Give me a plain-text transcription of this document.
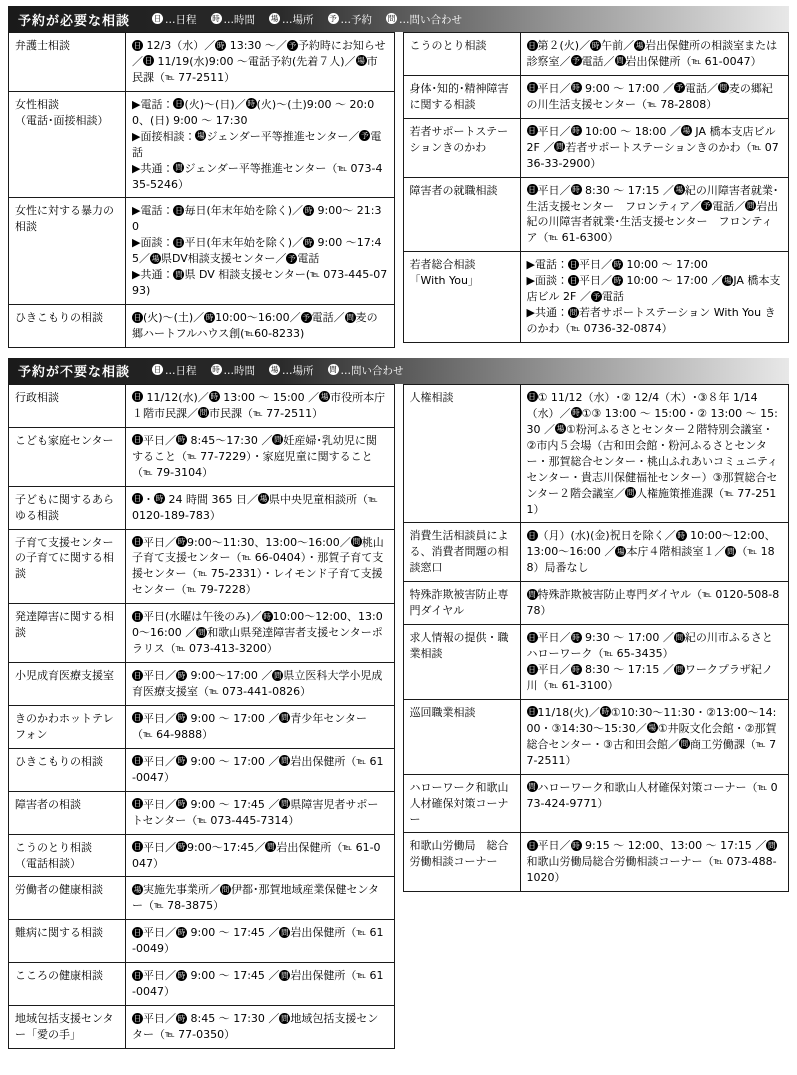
予約が必要な相談	日 …日程 時 …時間 場 …場所 予 …予約 問 …問い合わせ
弁護士相談	日 12/3（水）／ 時 13:30 ～／ 予 予約時にお知らせ／ 日 11/19(水)9:00 ～電話予約(先着７人)／ 場 市民課（℡ 77-2511）

女性相談
（電話･面接相談）	▶電話： 日 (火)～(日)／ 時 (火)～(土)9:00 ～ 20:00、(日) 9:00 ～ 17:30
▶面接相談： 場 ジェンダー平等推進センター／ 予 電話
▶共通： 問 ジェンダー平等推進センター（℡ 073-435-5246）

女性に対する暴力の相談	▶電話： 日 毎日(年末年始を除く)／ 時 9:00～ 21:30
▶面談： 日 平日(年末年始を除く)／ 時 9:00 ～17:45／ 場 県DV相談支援センター／ 予 電話
▶共通： 問 県 DV 相談支援センター(℡ 073-445-0793)

ひきこもりの相談	日 (火)～(土)／ 時 10:00～16:00／ 予 電話／ 問 麦の郷ハートフルハウス創(℡60-8233)
こうのとり相談	日 第２(火)／ 時 午前／ 場 岩出保健所の相談室または診察室／ 予 電話／ 問 岩出保健所（℡ 61-0047）

身体･知的･精神障害に関する相談	日 平日／ 時 9:00 ～ 17:00 ／ 予 電話／ 問 麦の郷紀の川生活支援センター（℡ 78-2808）

若者サポートステーションきのかわ	日 平日／ 時 10:00 ～ 18:00 ／ 場 JA 橋本支店ビル 2F ／ 問 若者サポートステーションきのかわ（℡ 0736-33-2900）

障害者の就職相談	日 平日／ 時 8:30 ～ 17:15 ／ 場 紀の川障害者就業･生活支援センター　フロンティア／ 予 電話／ 問 岩出紀の川障害者就業･生活支援センター　フロンティア（℡ 61-6300）

若者総合相談
「With You」	▶電話： 日 平日／ 時 10:00 ～ 17:00
▶面談： 日 平日／ 時 10:00 ～ 17:00 ／ 場 JA 橋本支店ビル 2F ／ 予 電話
▶共通： 問 若者サポートステーション With You きのかわ（℡ 0736-32-0874）
予約が不要な相談	日 …日程 時 …時間 場 …場所 問 …問い合わせ
行政相談	日 11/12(水)／ 時 13:00 ～ 15:00 ／ 場 市役所本庁１階市民課／ 問 市民課（℡ 77-2511）

こども家庭センター	日 平日／ 時 8:45～17:30 ／ 問 妊産婦･乳幼児に関すること（℡ 77-7229）・家庭児童に関すること（℡ 79-3104）

子どもに関するあらゆる相談	日 ・ 時 24 時間 365 日／ 場 県中央児童相談所（℡ 0120-189-783）

子育て支援センターの子育てに関する相談	日 平日／ 時 9:00～11:30、13:00～16:00／ 問 桃山子育て支援センター（℡ 66-0404）・那賀子育て支援センター（℡ 75-2331）・レイモンド子育て支援センター（℡ 79-7228）

発達障害に関する相談	日 平日(水曜は午後のみ)／ 時 10:00～12:00、13:00～16:00 ／ 問 和歌山県発達障害者支援センターポラリス（℡ 073-413-3200）

小児成育医療支援室	日 平日／ 時 9:00～17:00 ／ 問 県立医科大学小児成育医療支援室（℡ 073-441-0826）

きのかわホットテレフォン	日 平日／ 時 9:00 ～ 17:00 ／ 問 青少年センター（℡ 64-9888）

ひきこもりの相談	日 平日／ 時 9:00 ～ 17:00 ／ 問 岩出保健所（℡ 61-0047）

障害者の相談	日 平日／ 時 9:00 ～ 17:45 ／ 問 県障害児者サポートセンター（℡ 073-445-7314）

こうのとり相談
（電話相談）	日 平日／ 時 9:00～17:45／ 問 岩出保健所（℡ 61-0047）

労働者の健康相談	場 実施先事業所／ 問 伊都･那賀地域産業保健センター（℡ 78-3875）

難病に関する相談	日 平日／ 時 9:00 ～ 17:45 ／ 問 岩出保健所（℡ 61-0049）

こころの健康相談	日 平日／ 時 9:00 ～ 17:45 ／ 問 岩出保健所（℡ 61-0047）

地域包括支援センター「愛の手」	日 平日／ 時 8:45 ～ 17:30 ／ 問 地域包括支援センター（℡ 77-0350）
人権相談	日 ① 11/12（水）･② 12/4（木）･③８年 1/14（水）／ 時 ①③ 13:00 ～ 15:00・② 13:00 ～ 15:30 ／ 場 ①粉河ふるさとセンター２階特別会議室・②市内５会場（古和田会館・粉河ふるさとセンター・那賀総合センター・桃山ふれあいコミュニティセンター・貴志川保健福祉センター）③那賀総合センター２階会議室／ 問 人権施策推進課（℡ 77-2511）

消費生活相談員による、消費者問題の相談窓口	日 （月）(水)(金)祝日を除く／ 時 10:00～12:00、13:00～16:00 ／ 場 本庁４階相談室１／ 問 （℡ 188）局番なし

特殊詐欺被害防止専門ダイヤル	問 特殊詐欺被害防止専門ダイヤル（℡ 0120-508-878）

求人情報の提供・職業相談	日 平日／ 時 9:30 ～ 17:00 ／ 問 紀の川市ふるさとハローワーク（℡ 65-3435）
日 平日／ 時 8:30 ～ 17:15 ／ 問 ワークプラザ紀ノ川（℡ 61-3100）

巡回職業相談	日 11/18(火)／ 時 ①10:30～11:30・②13:00～14:00・③14:30～15:30／ 場 ①井阪文化会館・②那賀総合センター・③古和田会館／ 問 商工労働課（℡ 77-2511）

ハローワーク和歌山人材確保対策コーナー	問 ハローワーク和歌山人材確保対策コーナー（℡ 073-424-9771）

和歌山労働局　総合労働相談コーナー	日 平日／ 時 9:15 ～ 12:00、13:00 ～ 17:15 ／ 問和歌山労働局総合労働相談コーナー（℡ 073-488-1020）
